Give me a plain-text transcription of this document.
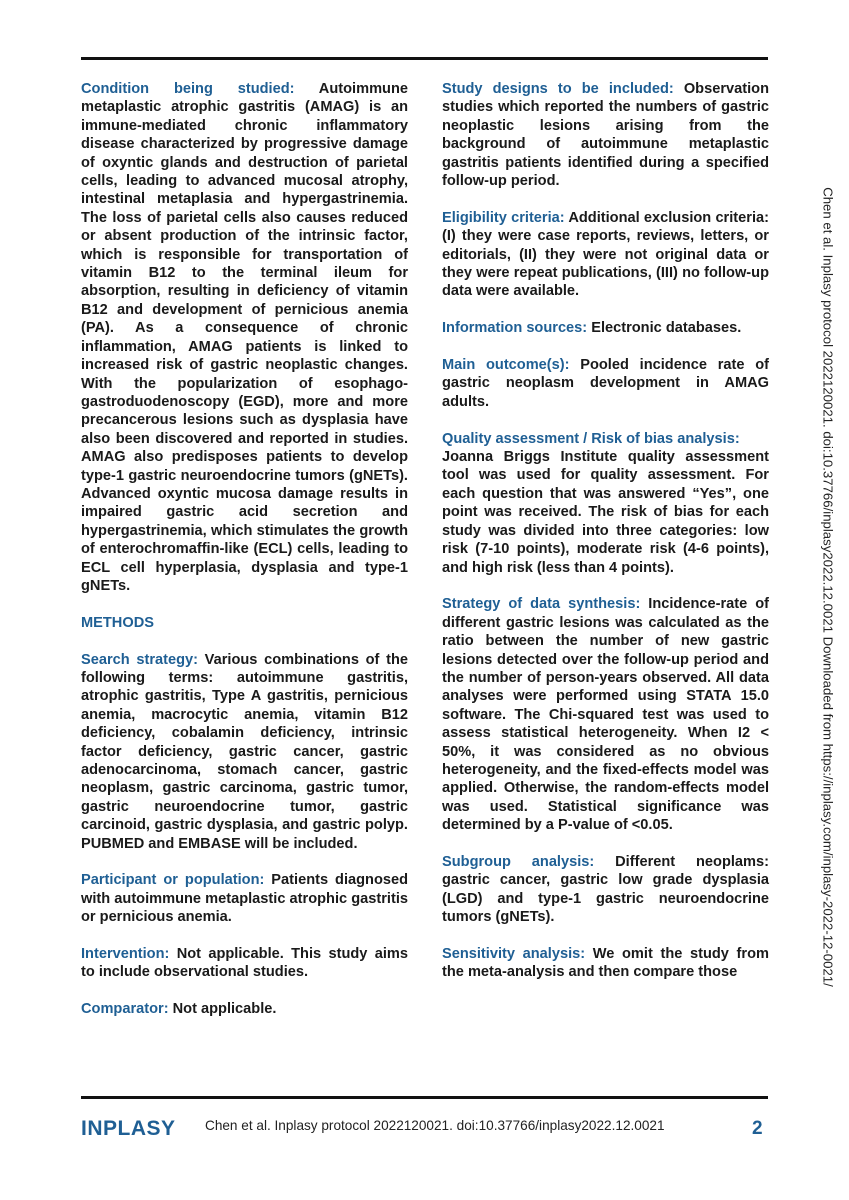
Condition being studied: Autoimmune metaplastic atrophic gastritis (AMAG) is an immune-mediated chronic inflammatory disease characterized by progressive damage of oxyntic glands and destruction of parietal cells, leading to advanced mucosal atrophy, intestinal metaplasia and hypergastrinemia. The loss of parietal cells also causes reduced or absent production of the intrinsic factor, which is responsible for transportation of vitamin B12 to the terminal ileum for absorption, resulting in deficiency of vitamin B12 and development of pernicious anemia (PA). As a consequence of chronic inflammation, AMAG patients is linked to increased risk of gastric neoplastic changes. With the popularization of esophago-gastroduodenoscopy (EGD), more and more precancerous lesions such as dysplasia have also been discovered and reported in studies. AMAG also predisposes patients to develop type-1 gastric neuroendocrine tumors (gNETs). Advanced oxyntic mucosa damage results in impaired gastric acid secretion and hypergastrinemia, which stimulates the growth of enterochromaffin-like (ECL) cells, leading to ECL cell hyperplasia, dysplasia and type-1 gNETs.

METHODS

Search strategy: Various combinations of the following terms: autoimmune gastritis, atrophic gastritis, Type A gastritis, pernicious anemia, macrocytic anemia, vitamin B12 deficiency, cobalamin deficiency, intrinsic factor deficiency, gastric cancer, gastric adenocarcinoma, stomach cancer, gastric neoplasm, gastric carcinoma, gastric tumor, gastric neuroendocrine tumor, gastric carcinoid, gastric dysplasia, and gastric polyp. PUBMED and EMBASE will be included.

Participant or population: Patients diagnosed with autoimmune metaplastic atrophic gastritis or pernicious anemia.

Intervention: Not applicable. This study aims to include observational studies.

Comparator: Not applicable.

Study designs to be included: Observation studies which reported the numbers of gastric neoplastic lesions arising from the background of autoimmune metaplastic gastritis patients identified during a specified follow-up period.

Eligibility criteria: Additional exclusion criteria: (I) they were case reports, reviews, letters, or editorials, (II) they were not original data or they were repeat publications, (III) no follow-up data were available.

Information sources: Electronic databases.

Main outcome(s): Pooled incidence rate of gastric neoplasm development in AMAG adults.

Quality assessment / Risk of bias analysis:
Joanna Briggs Institute quality assessment tool was used for quality assessment. For each question that was answered “Yes”, one point was received. The risk of bias for each study was divided into three categories: low risk (7-10 points), moderate risk (4-6 points), and high risk (less than 4 points).

Strategy of data synthesis: Incidence-rate of different gastric lesions was calculated as the ratio between the number of new gastric lesions detected over the follow-up period and the number of person-years observed. All data analyses were performed using STATA 15.0 software. The Chi-squared test was used to assess statistical heterogeneity. When I2 < 50%, it was considered as no obvious heterogeneity, and the fixed-effects model was applied. Otherwise, the random-effects model was used. Statistical significance was determined by a P-value of <0.05.

Subgroup analysis: Different neoplams: gastric cancer, gastric low grade dysplasia (LGD) and type-1 gastric neuroendocrine tumors (gNETs).

Sensitivity analysis: We omit the study from the meta-analysis and then compare those	Chen et al. Inplasy protocol 2022120021. doi:10.37766/inplasy2022.12.0021 Downloaded from https://inplasy.com/inplasy-2022-12-0021/
INPLASY Chen et al. Inplasy protocol 2022120021. doi:10.37766/inplasy2022.12.0021	2
